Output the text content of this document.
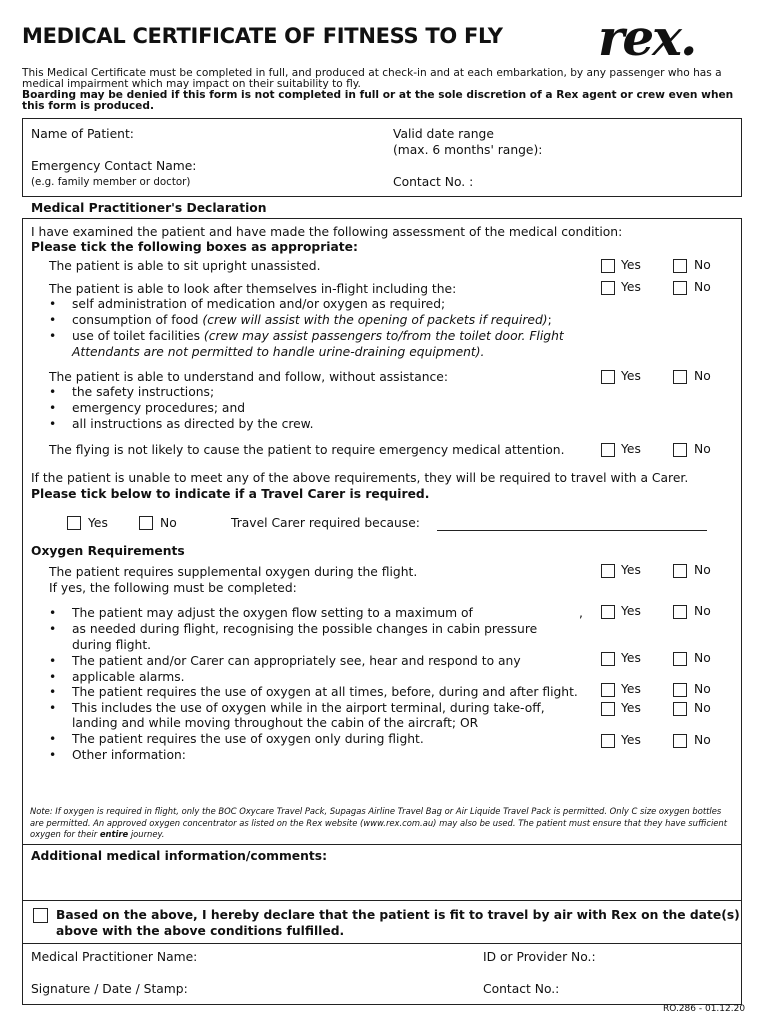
MEDICAL CERTIFICATE OF FITNESS TO FLY rex.
This Medical Certificate must be completed in full, and produced at check-in and at each embarkation, by any passenger who has a medical impairment which may impact on their suitability to fly.
Boarding may be denied if this form is not completed in full or at the sole discretion of a Rex agent or crew even when this form is produced.
Name of Patient:	Valid date range
(max. 6 months' range):
Emergency Contact Name:
(e.g. family member or doctor)	Contact No. :
Medical Practitioner's Declaration
I have examined the patient and have made the following assessment of the medical condition:
Please tick the following boxes as appropriate:
The patient is able to sit upright unassisted.	Yes	No
The patient is able to look after themselves in-flight including the:	Yes	No
• self administration of medication and/or oxygen as required;
• consumption of food (crew will assist with the opening of packets if required);
• use of toilet facilities (crew may assist passengers to/from the toilet door. Flight
Attendants are not permitted to handle urine-draining equipment).
The patient is able to understand and follow, without assistance:	Yes	No
• the safety instructions;
• emergency procedures; and
• all instructions as directed by the crew.
The flying is not likely to cause the patient to require emergency medical attention.	Yes	No
If the patient is unable to meet any of the above requirements, they will be required to travel with a Carer.
Please tick below to indicate if a Travel Carer is required.
Yes	No	Travel Carer required because:
Oxygen Requirements
The patient requires supplemental oxygen during the flight.	Yes	No
If yes, the following must be completed:
• The patient may adjust the oxygen flow setting to a maximum of	,	Yes	No
• as needed during flight, recognising the possible changes in cabin pressure
during flight.
• The patient and/or Carer can appropriately see, hear and respond to any	Yes	No
• applicable alarms.
• The patient requires the use of oxygen at all times, before, during and after flight.	Yes	No
• This includes the use of oxygen while in the airport terminal, during take-off,	Yes	No
landing and while moving throughout the cabin of the aircraft; OR
• The patient requires the use of oxygen only during flight.	Yes	No
• Other information:
Note: If oxygen is required in flight, only the BOC Oxycare Travel Pack, Supagas Airline Travel Bag or Air Liquide Travel Pack is permitted. Only C size oxygen bottles are permitted. An approved oxygen concentrator as listed on the Rex website (www.rex.com.au) may also be used. The patient must ensure that they have sufficient oxygen for their entire journey.
Additional medical information/comments:
Based on the above, I hereby declare that the patient is fit to travel by air with Rex on the date(s)
above with the above conditions fulfilled.
Medical Practitioner Name:	ID or Provider No.:
Signature / Date / Stamp:	Contact No.:
RO.286 - 01.12.20
